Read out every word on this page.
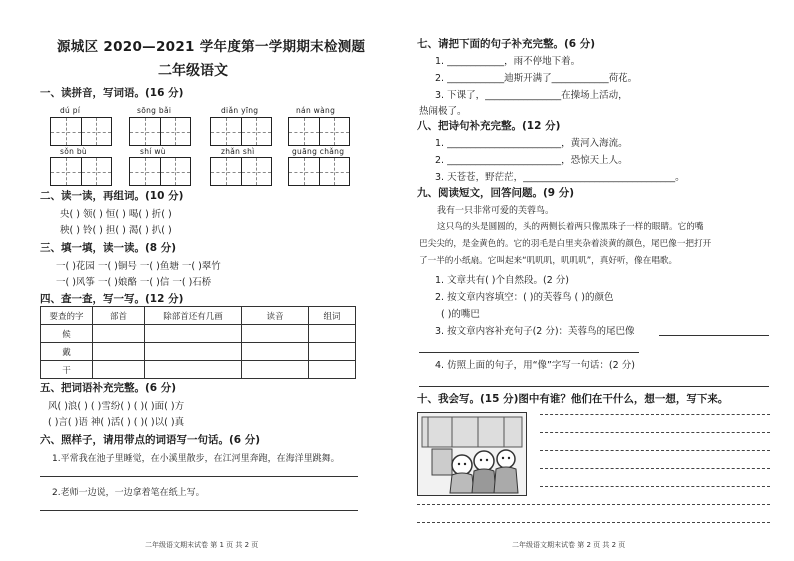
源城区 2020—2021 学年度第一学期期末检测题
二年级语文
一、读拼音，写词语。(16 分)
dú pí	sōng bǎi	diǎn yīng	nán wàng
sǒn bù	shí wù	zhǎn shì	guāng chǎng
二、读一读，再组词。(10 分)
央( ) 领( ) 恒( ) 喝( ) 折( )
秧( ) 铃( ) 担( ) 渴( ) 扒( )
三、填一填，读一读。(8 分)
一( )花园 一( )铜号 一( )鱼塘 一( )翠竹
一( )风筝 一( )娘酪 一( )信 一( )石桥
四、查一查，写一写。(12 分)
要查的字	部首	除部首还有几画	读音	组词
候				
戴				
干				
五、把词语补充完整。(6 分)
风( )浪( ) ( )雪纷( ) ( )( )面( )方
( )言( )语 神( )活( ) ( )( )以( )真
六、照样子，请用带点的词语写一句话。(6 分)
1.平常我在池子里睡觉，在小溪里散步，在江河里奔跑，在海洋里跳舞。
2.老师一边说，一边拿着笔在纸上写。
二年级语文期末试卷 第 1 页 共 2 页
七、请把下面的句子补充完整。(6 分)
1. ____________，雨不停地下着。
2. ____________迪斯开满了____________荷花。
3. 下课了，________________在操场上活动，
热闹极了。
八、把诗句补充完整。(12 分)
1. ________________________，黄河入海流。
2. ________________________，恐惊天上人。
3. 天苍苍，野茫茫，________________________________。
九、阅读短文，回答问题。(9 分)
我有一只非常可爱的芙蓉鸟。
这只鸟的头是圆圆的，头的两侧长着两只像黑珠子一样的眼睛。它的嘴
巴尖尖的，是金黄色的。它的羽毛是白里夹杂着淡黄的颜色，尾巴像一把打开
了一半的小纸扇。它叫起来“叽叽叽，叽叽叽”，真好听，像在唱歌。
1. 文章共有( )个自然段。(2 分)
2. 按文章内容填空：( )的芙蓉鸟 ( )的颜色
( )的嘴巴
3. 按文章内容补充句子(2 分)：芙蓉鸟的尾巴像
4. 仿照上面的句子，用“像”字写一句话：(2 分)
十、我会写。(15 分)图中有谁？他们在干什么，想一想，写下来。
二年级语文期末试卷 第 2 页 共 2 页
